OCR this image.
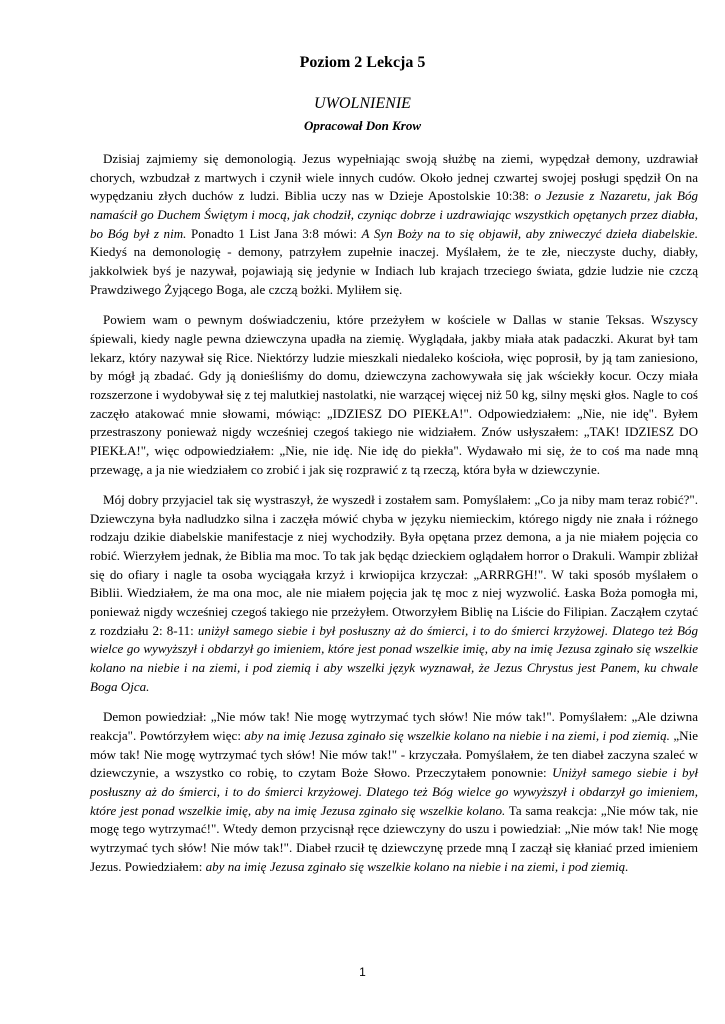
Poziom 2 Lekcja 5
UWOLNIENIE
Opracował Don Krow

Dzisiaj zajmiemy się demonologią. Jezus wypełniając swoją służbę na ziemi, wypędzał demony, uzdrawiał chorych, wzbudzał z martwych i czynił wiele innych cudów. Około jednej czwartej swojej posługi spędził On na wypędzaniu złych duchów z ludzi. Biblia uczy nas w Dzieje Apostolskie 10:38: o Jezusie z Nazaretu, jak Bóg namaścił go Duchem Świętym i mocą, jak chodził, czyniąc dobrze i uzdrawiając wszystkich opętanych przez diabła, bo Bóg był z nim. Ponadto 1 List Jana 3:8 mówi: A Syn Boży na to się objawił, aby zniweczyć dzieła diabelskie. Kiedyś na demonologię - demony, patrzyłem zupełnie inaczej. Myślałem, że te złe, nieczyste duchy, diabły, jakkolwiek byś je nazywał, pojawiają się jedynie w Indiach lub krajach trzeciego świata, gdzie ludzie nie czczą Prawdziwego Żyjącego Boga, ale czczą bożki. Myliłem się.

Powiem wam o pewnym doświadczeniu, które przeżyłem w kościele w Dallas w stanie Teksas. Wszyscy śpiewali, kiedy nagle pewna dziewczyna upadła na ziemię. Wyglądała, jakby miała atak padaczki. Akurat był tam lekarz, który nazywał się Rice. Niektórzy ludzie mieszkali niedaleko kościoła, więc poprosił, by ją tam zaniesiono, by mógł ją zbadać. Gdy ją donieśliśmy do domu, dziewczyna zachowywała się jak wściekły kocur. Oczy miała rozszerzone i wydobywał się z tej malutkiej nastolatki, nie warzącej więcej niż 50 kg, silny męski głos. Nagle to coś zaczęło atakować mnie słowami, mówiąc: „IDZIESZ DO PIEKŁA!". Odpowiedziałem: „Nie, nie idę". Byłem przestraszony ponieważ nigdy wcześniej czegoś takiego nie widziałem. Znów usłyszałem: „TAK! IDZIESZ DO PIEKŁA!", więc odpowiedziałem: „Nie, nie idę. Nie idę do piekła". Wydawało mi się, że to coś ma nade mną przewagę, a ja nie wiedziałem co zrobić i jak się rozprawić z tą rzeczą, która była w dziewczynie.

Mój dobry przyjaciel tak się wystraszył, że wyszedł i zostałem sam. Pomyślałem: „Co ja niby mam teraz robić?". Dziewczyna była nadludzko silna i zaczęła mówić chyba w języku niemieckim, którego nigdy nie znała i różnego rodzaju dzikie diabelskie manifestacje z niej wychodziły. Była opętana przez demona, a ja nie miałem pojęcia co robić. Wierzyłem jednak, że Biblia ma moc. To tak jak będąc dzieckiem oglądałem horror o Drakuli. Wampir zbliżał się do ofiary i nagle ta osoba wyciągała krzyż i krwiopijca krzyczał: „ARRRGH!". W taki sposób myślałem o Biblii. Wiedziałem, że ma ona moc, ale nie miałem pojęcia jak tę moc z niej wyzwolić. Łaska Boża pomogła mi, ponieważ nigdy wcześniej czegoś takiego nie przeżyłem. Otworzyłem Biblię na Liście do Filipian. Zacząłem czytać z rozdziału 2: 8-11: uniżył samego siebie i był posłuszny aż do śmierci, i to do śmierci krzyżowej. Dlatego też Bóg wielce go wywyższył i obdarzył go imieniem, które jest ponad wszelkie imię, aby na imię Jezusa zginało się wszelkie kolano na niebie i na ziemi, i pod ziemią i aby wszelki język wyznawał, że Jezus Chrystus jest Panem, ku chwale Boga Ojca.

Demon powiedział: „Nie mów tak! Nie mogę wytrzymać tych słów! Nie mów tak!". Pomyślałem: „Ale dziwna reakcja". Powtórzyłem więc: aby na imię Jezusa zginało się wszelkie kolano na niebie i na ziemi, i pod ziemią. „Nie mów tak! Nie mogę wytrzymać tych słów! Nie mów tak!" - krzyczała. Pomyślałem, że ten diabeł zaczyna szaleć w dziewczynie, a wszystko co robię, to czytam Boże Słowo. Przeczytałem ponownie: Uniżył samego siebie i był posłuszny aż do śmierci, i to do śmierci krzyżowej. Dlatego też Bóg wielce go wywyższył i obdarzył go imieniem, które jest ponad wszelkie imię, aby na imię Jezusa zginało się wszelkie kolano. Ta sama reakcja: „Nie mów tak, nie mogę tego wytrzymać!". Wtedy demon przycisnął ręce dziewczyny do uszu i powiedział: „Nie mów tak! Nie mogę wytrzymać tych słów! Nie mów tak!". Diabeł rzucił tę dziewczynę przede mną I zaczął się kłaniać przed imieniem Jezus. Powiedziałem: aby na imię Jezusa zginało się wszelkie kolano na niebie i na ziemi, i pod ziemią.

1
